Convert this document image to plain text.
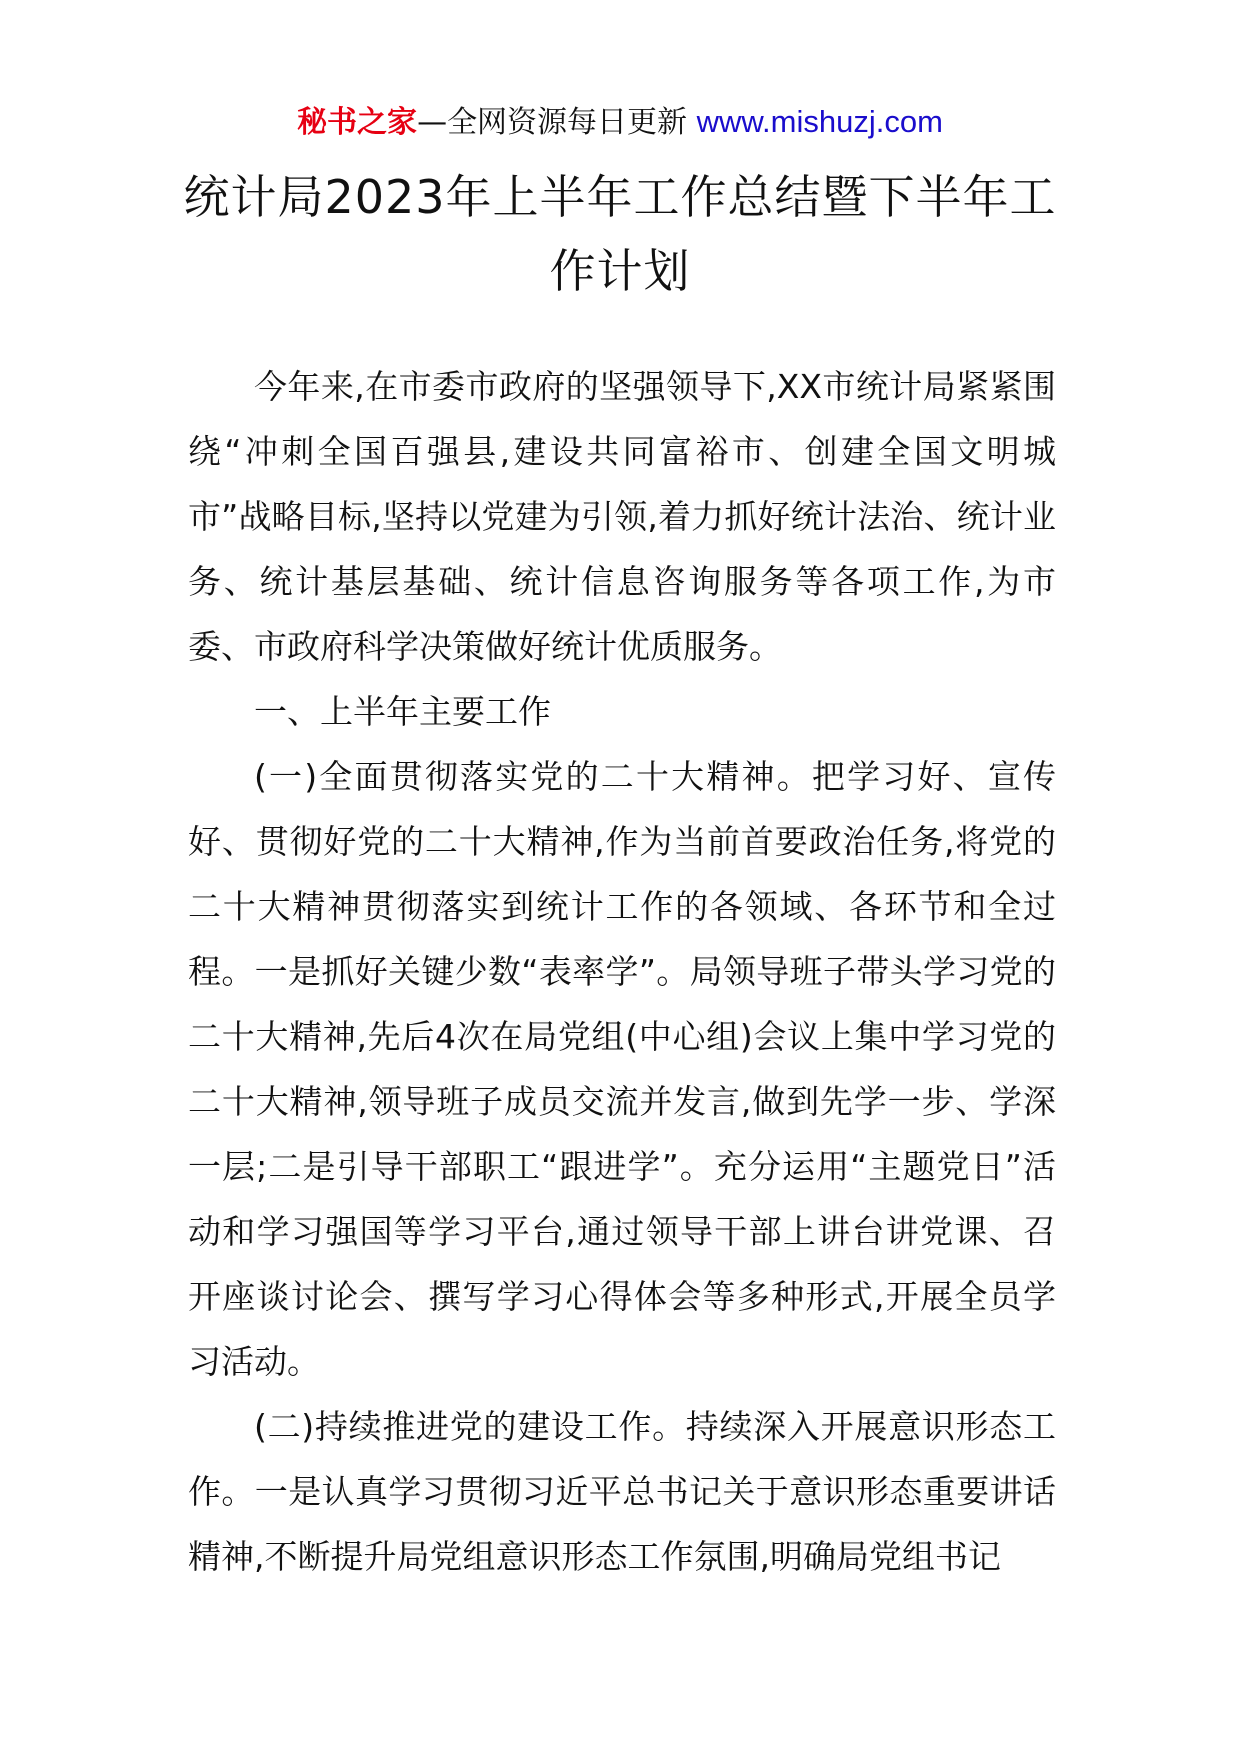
秘书之家—全网资源每日更新 www.mishuzj.com
统计局2023年上半年工作总结暨下半年工作计划

今年来,在市委市政府的坚强领导下,XX市统计局紧紧围绕“冲刺全国百强县,建设共同富裕市、创建全国文明城市”战略目标,坚持以党建为引领,着力抓好统计法治、统计业务、统计基层基础、统计信息咨询服务等各项工作,为市委、市政府科学决策做好统计优质服务。

一、上半年主要工作

(一)全面贯彻落实党的二十大精神。把学习好、宣传好、贯彻好党的二十大精神,作为当前首要政治任务,将党的二十大精神贯彻落实到统计工作的各领域、各环节和全过程。一是抓好关键少数“表率学”。局领导班子带头学习党的二十大精神,先后4次在局党组(中心组)会议上集中学习党的二十大精神,领导班子成员交流并发言,做到先学一步、学深一层;二是引导干部职工“跟进学”。充分运用“主题党日”活动和学习强国等学习平台,通过领导干部上讲台讲党课、召开座谈讨论会、撰写学习心得体会等多种形式,开展全员学习活动。

(二)持续推进党的建设工作。持续深入开展意识形态工作。一是认真学习贯彻习近平总书记关于意识形态重要讲话精神,不断提升局党组意识形态工作氛围,明确局党组书记
